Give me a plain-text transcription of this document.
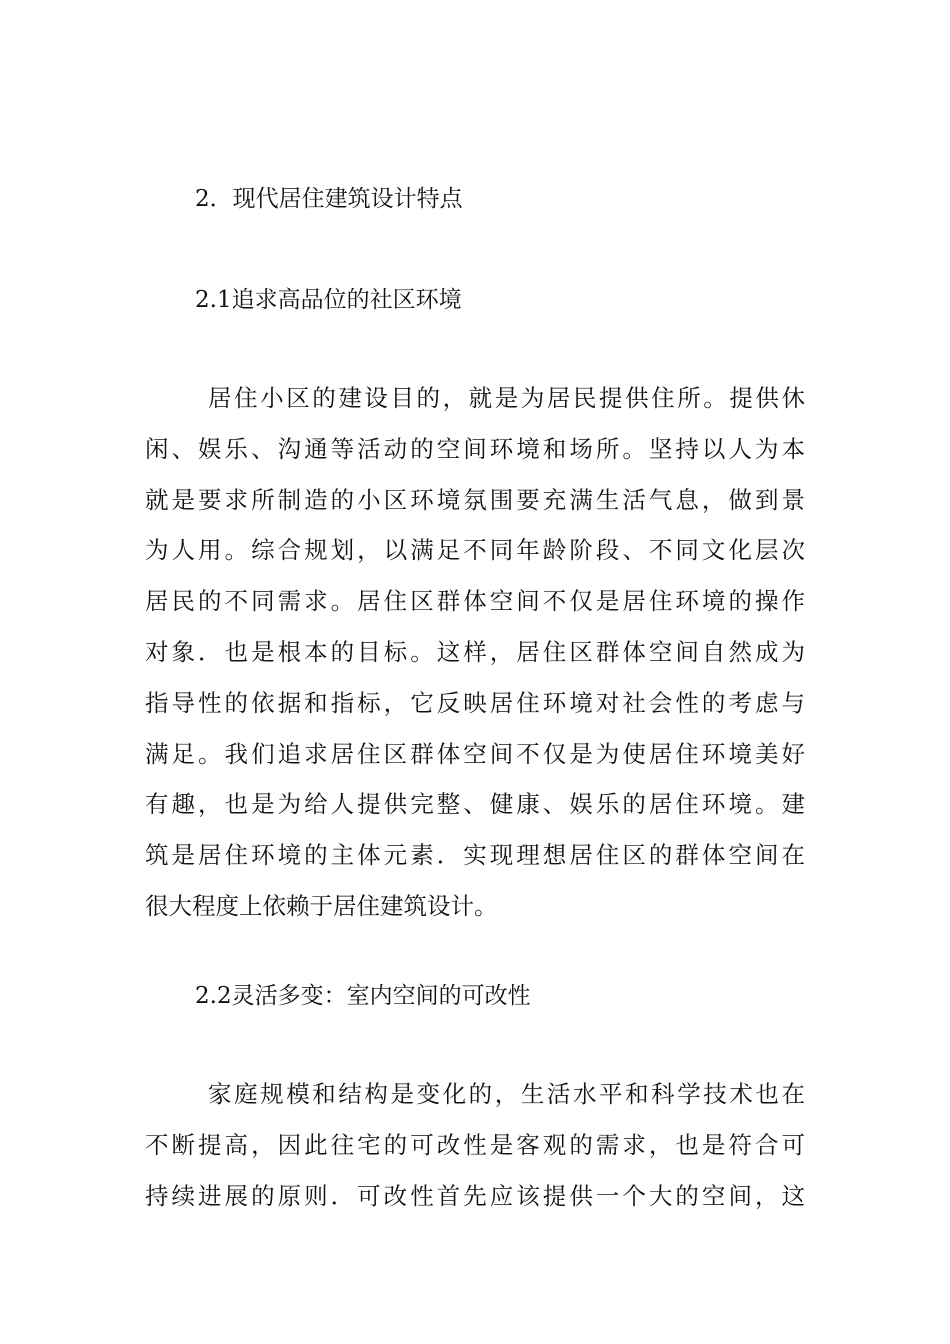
2．现代居住建筑设计特点
2.1追求高品位的社区环境
居住小区的建设目的，就是为居民提供住所。提供休
闲、娱乐、沟通等活动的空间环境和场所。坚持以人为本
就是要求所制造的小区环境氛围要充满生活气息，做到景
为人用。综合规划，以满足不同年龄阶段、不同文化层次
居民的不同需求。居住区群体空间不仅是居住环境的操作
对象．也是根本的目标。这样，居住区群体空间自然成为
指导性的依据和指标，它反映居住环境对社会性的考虑与
满足。我们追求居住区群体空间不仅是为使居住环境美好
有趣，也是为给人提供完整、健康、娱乐的居住环境。建
筑是居住环境的主体元素．实现理想居住区的群体空间在
很大程度上依赖于居住建筑设计。
2.2灵活多变：室内空间的可改性
家庭规模和结构是变化的，生活水平和科学技术也在
不断提高，因此往宅的可改性是客观的需求，也是符合可
持续进展的原则．可改性首先应该提供一个大的空间，这
